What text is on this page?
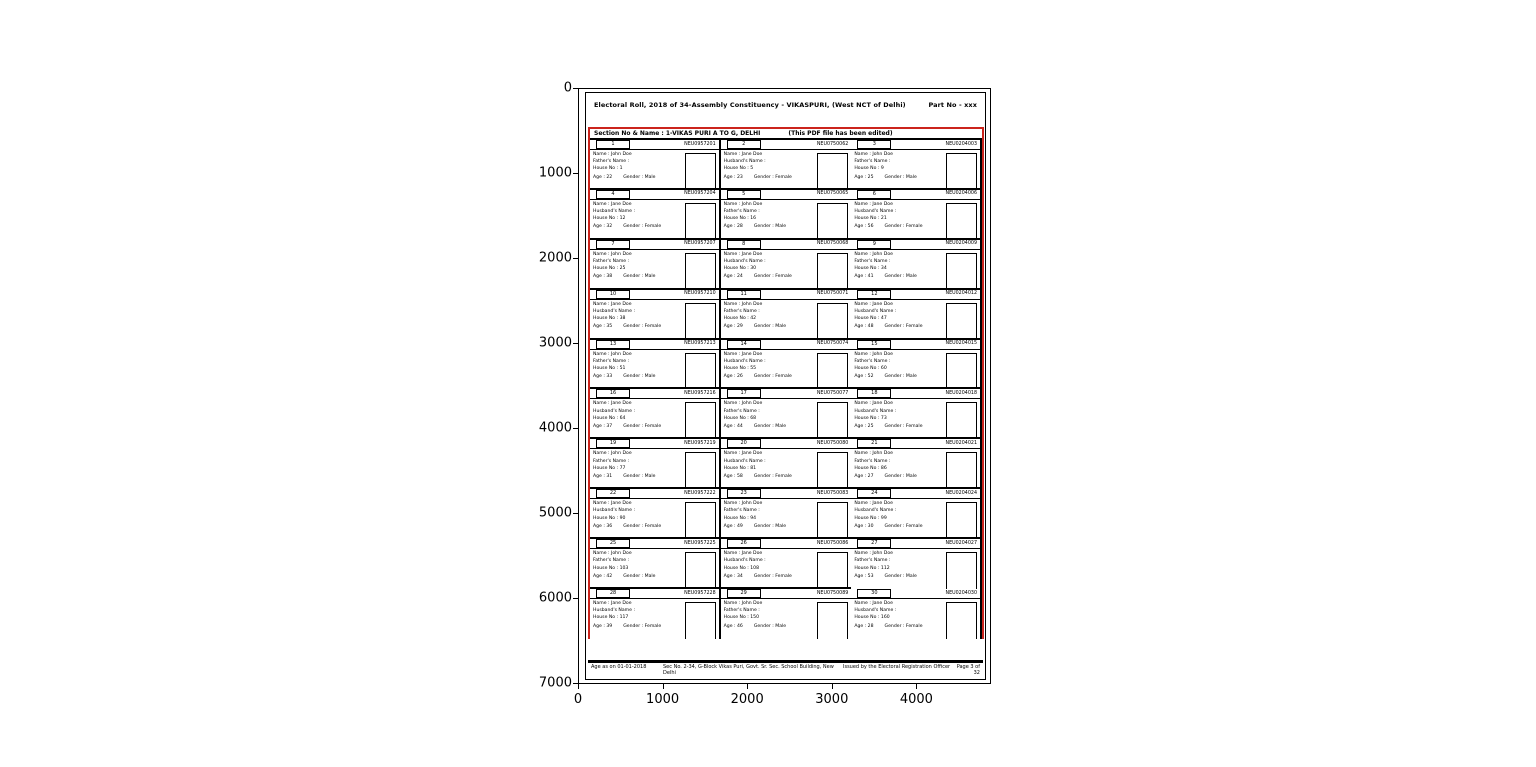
0
1000
2000
3000
4000
5000
6000
7000
0	1000	2000	3000	4000
Electoral Roll, 2018 of 34-Assembly Constituency - VIKASPURI, (West NCT of Delhi)	Part No - xxx
Section No & Name : 1-VIKAS PURI A TO G, DELHI	(This PDF file has been edited)
1	NEU0957201
Name : John Doe
Father's Name :
House No : 1
Age : 22 Gender : Male
2	NEU0750062
Name : Jane Doe
Husband's Name :
House No : 5
Age : 23 Gender : Female
3	NEU0204003
Name : John Doe
Father's Name :
House No : 9
Age : 25 Gender : Male
4	NEU0957204
Name : Jane Doe
Husband's Name :
House No : 12
Age : 32 Gender : Female
5	NEU0750065
Name : John Doe
Father's Name :
House No : 16
Age : 28 Gender : Male
6	NEU0204006
Name : Jane Doe
Husband's Name :
House No : 21
Age : 56 Gender : Female
7	NEU0957207
Name : John Doe
Father's Name :
House No : 25
Age : 38 Gender : Male
8	NEU0750068
Name : Jane Doe
Husband's Name :
House No : 30
Age : 24 Gender : Female
9	NEU0204009
Name : John Doe
Father's Name :
House No : 34
Age : 41 Gender : Male
10	NEU0957210
Name : Jane Doe
Husband's Name :
House No : 38
Age : 35 Gender : Female
11	NEU0750071
Name : John Doe
Father's Name :
House No : 42
Age : 29 Gender : Male
12	NEU0204012
Name : Jane Doe
Husband's Name :
House No : 47
Age : 48 Gender : Female
13	NEU0957213
Name : John Doe
Father's Name :
House No : 51
Age : 33 Gender : Male
14	NEU0750074
Name : Jane Doe
Husband's Name :
House No : 55
Age : 26 Gender : Female
15	NEU0204015
Name : John Doe
Father's Name :
House No : 60
Age : 52 Gender : Male
16	NEU0957216
Name : Jane Doe
Husband's Name :
House No : 64
Age : 37 Gender : Female
17	NEU0750077
Name : John Doe
Father's Name :
House No : 68
Age : 44 Gender : Male
18	NEU0204018
Name : Jane Doe
Husband's Name :
House No : 73
Age : 25 Gender : Female
19	NEU0957219
Name : John Doe
Father's Name :
House No : 77
Age : 31 Gender : Male
20	NEU0750080
Name : Jane Doe
Husband's Name :
House No : 81
Age : 58 Gender : Female
21	NEU0204021
Name : John Doe
Father's Name :
House No : 86
Age : 27 Gender : Male
22	NEU0957222
Name : Jane Doe
Husband's Name :
House No : 90
Age : 36 Gender : Female
23	NEU0750083
Name : John Doe
Father's Name :
House No : 94
Age : 49 Gender : Male
24	NEU0204024
Name : Jane Doe
Husband's Name :
House No : 99
Age : 30 Gender : Female
25	NEU0957225
Name : John Doe
Father's Name :
House No : 103
Age : 42 Gender : Male
26	NEU0750086
Name : Jane Doe
Husband's Name :
House No : 108
Age : 34 Gender : Female
27	NEU0204027
Name : John Doe
Father's Name :
House No : 112
Age : 53 Gender : Male
28	NEU0957228
Name : Jane Doe
Husband's Name :
House No : 117
Age : 39 Gender : Female
29	NEU0750089
Name : John Doe
Father's Name :
House No : 150
Age : 46 Gender : Male
30	NEU0204030
Name : Jane Doe
Husband's Name :
House No : 160
Age : 28 Gender : Female
Age as on 01-01-2018	Sec No. 2-34, G-Block Vikas Puri, Govt. Sr. Sec. School Building, New Delhi
Issued by the Electoral Registration Officer	Page 3 of 32
